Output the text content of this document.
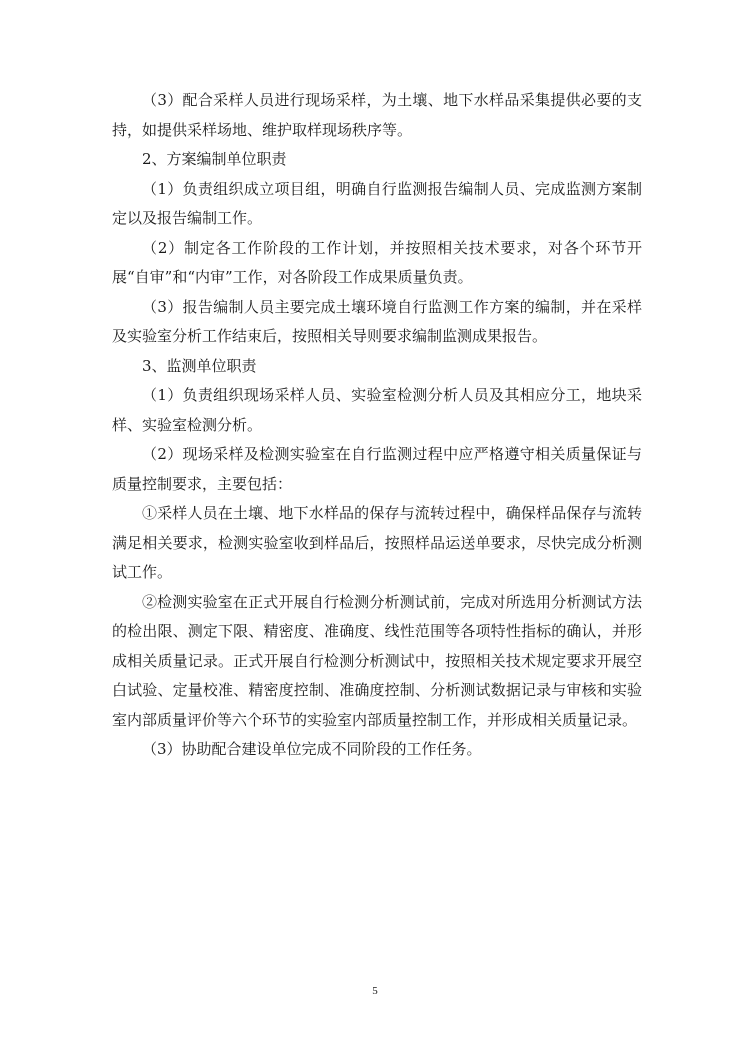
（3）配合采样人员进行现场采样，为土壤、地下水样品采集提供必要的支持，如提供采样场地、维护取样现场秩序等。

2、方案编制单位职责

（1）负责组织成立项目组，明确自行监测报告编制人员、完成监测方案制定以及报告编制工作。

（2）制定各工作阶段的工作计划，并按照相关技术要求，对各个环节开展“自审”和“内审”工作，对各阶段工作成果质量负责。

（3）报告编制人员主要完成土壤环境自行监测工作方案的编制，并在采样及实验室分析工作结束后，按照相关导则要求编制监测成果报告。

3、监测单位职责

（1）负责组织现场采样人员、实验室检测分析人员及其相应分工，地块采样、实验室检测分析。

（2）现场采样及检测实验室在自行监测过程中应严格遵守相关质量保证与质量控制要求，主要包括：

①采样人员在土壤、地下水样品的保存与流转过程中，确保样品保存与流转满足相关要求，检测实验室收到样品后，按照样品运送单要求，尽快完成分析测试工作。

②检测实验室在正式开展自行检测分析测试前，完成对所选用分析测试方法的检出限、测定下限、精密度、准确度、线性范围等各项特性指标的确认，并形成相关质量记录。正式开展自行检测分析测试中，按照相关技术规定要求开展空白试验、定量校准、精密度控制、准确度控制、分析测试数据记录与审核和实验室内部质量评价等六个环节的实验室内部质量控制工作，并形成相关质量记录。

（3）协助配合建设单位完成不同阶段的工作任务。

5
